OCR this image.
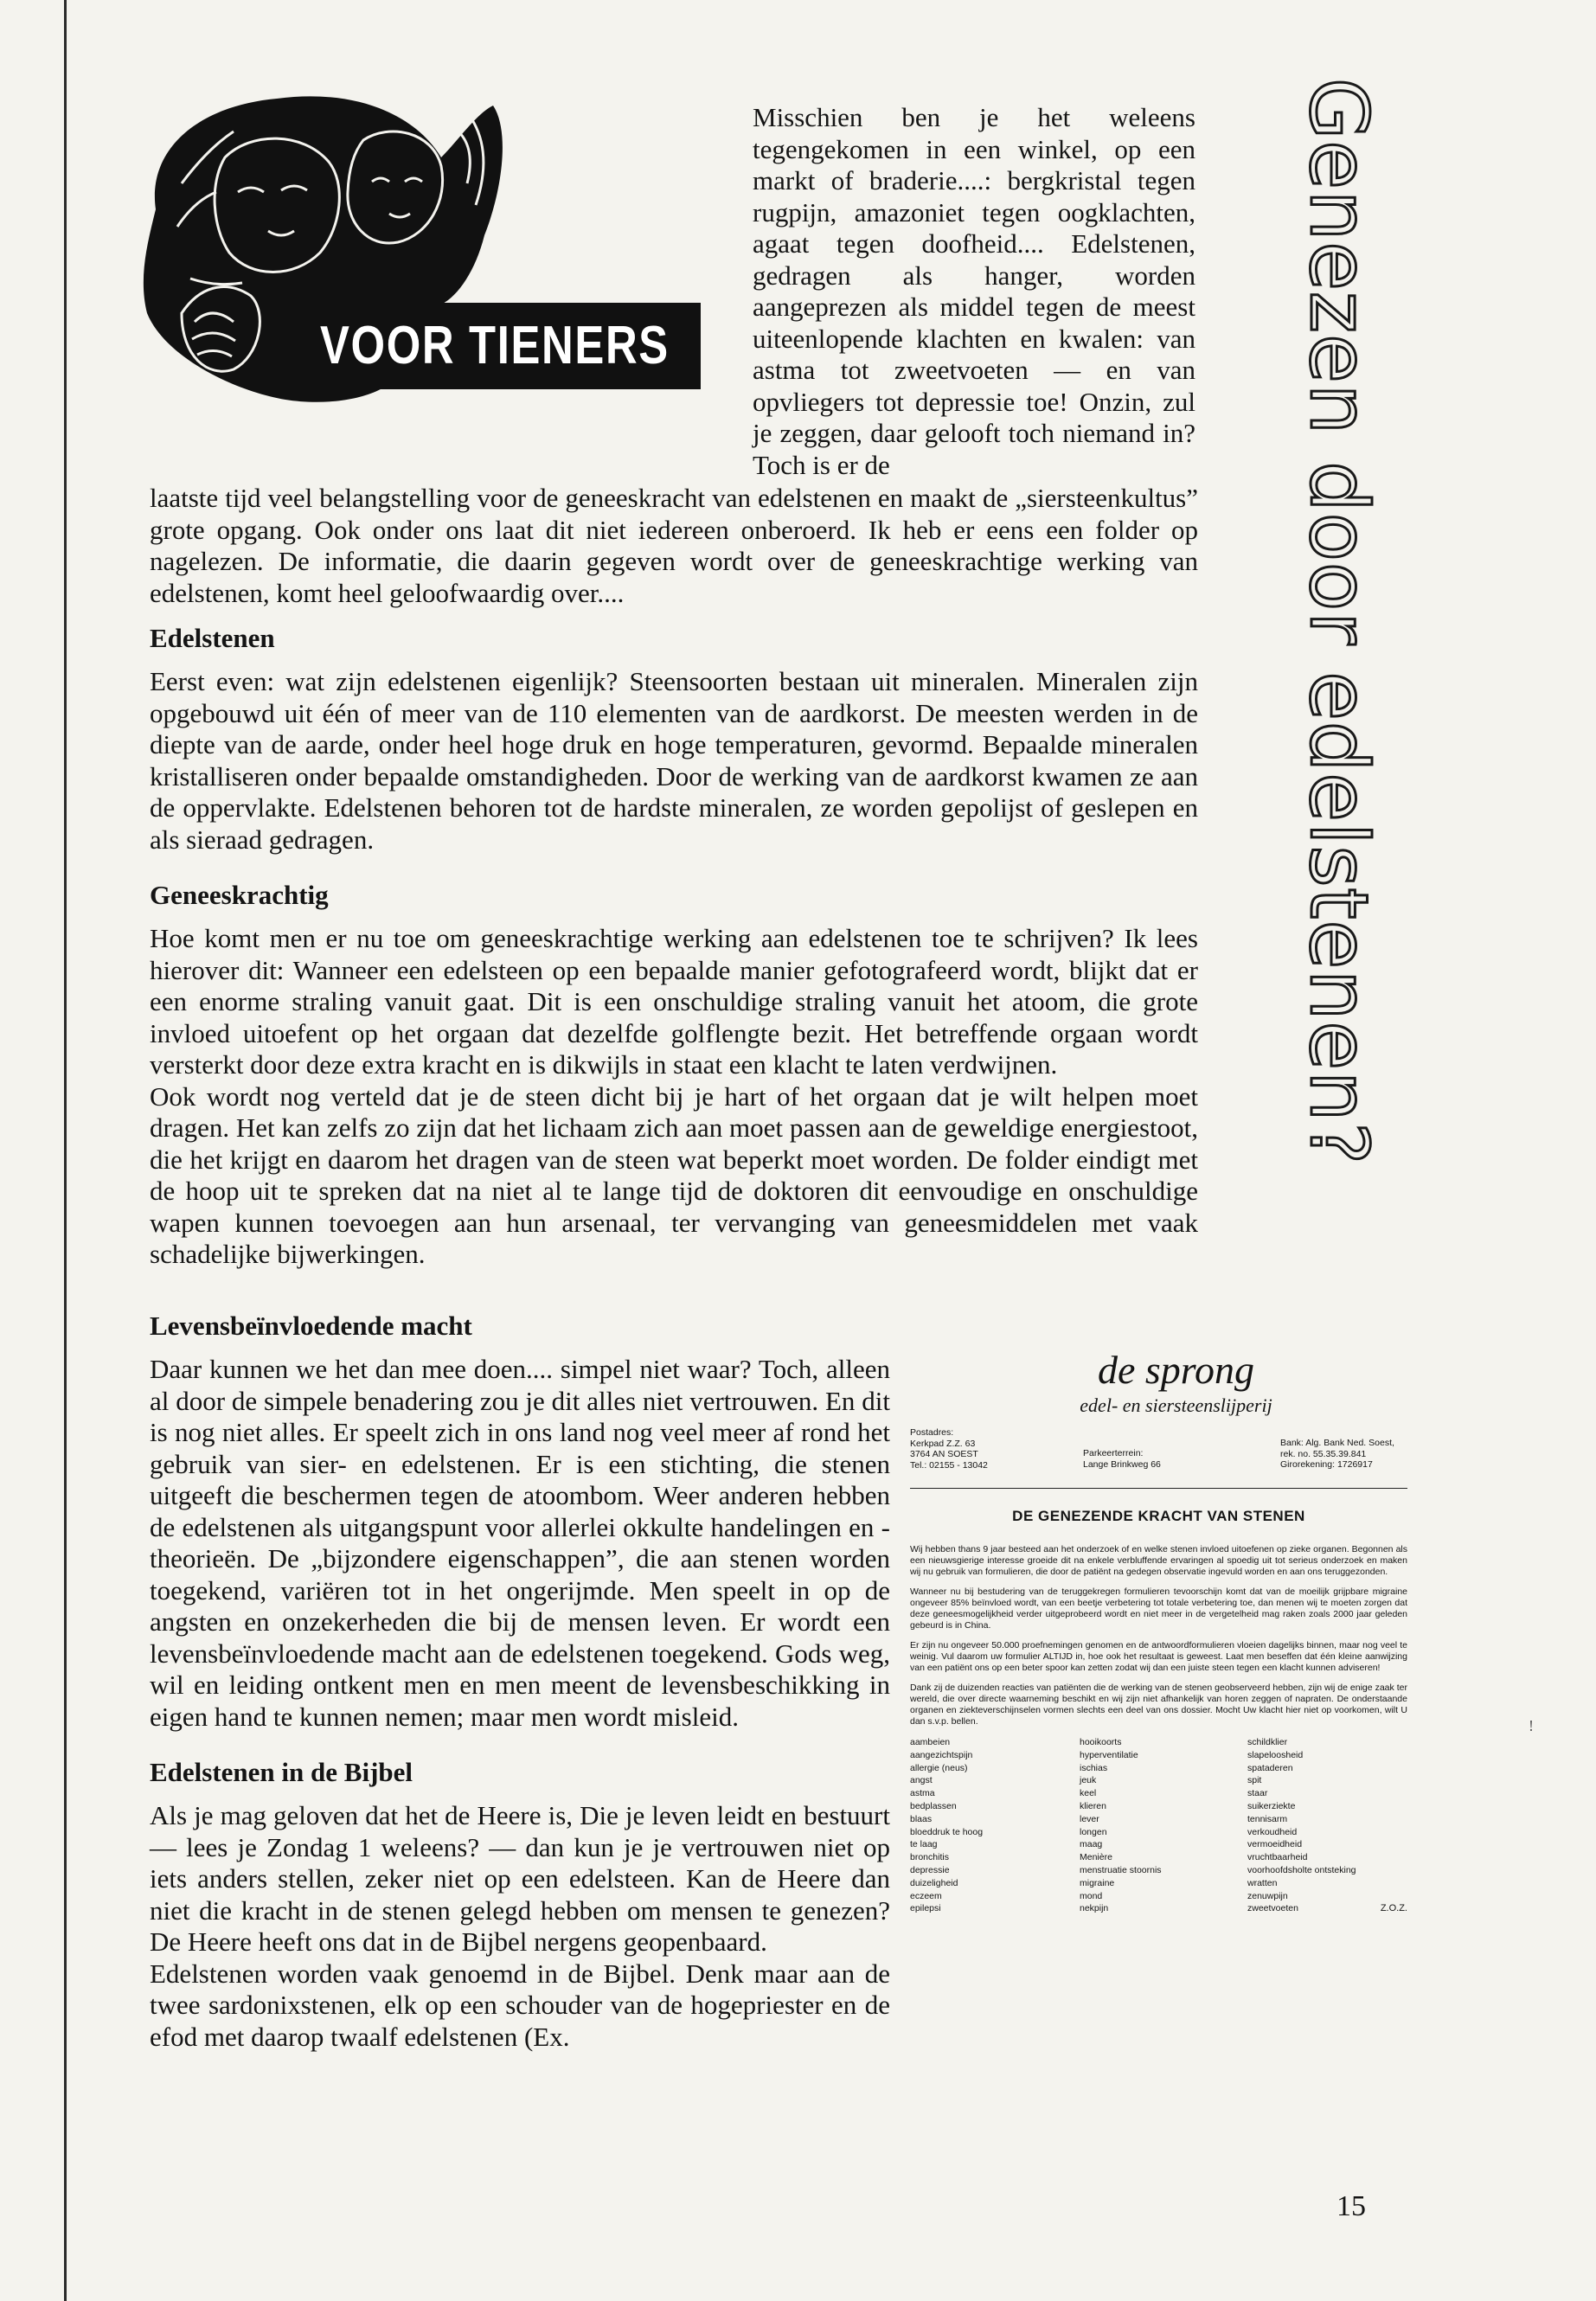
VOOR TIENERS

Misschien ben je het weleens tegengekomen in een winkel, op een markt of braderie....: bergkristal tegen rugpijn, amazoniet tegen oogklachten, agaat tegen doofheid.... Edelstenen, gedragen als hanger, worden aangeprezen als middel tegen de meest uiteenlopende klachten en kwalen: van astma tot zweetvoeten — en van opvliegers tot depressie toe! Onzin, zul je zeggen, daar gelooft toch niemand in? Toch is er de

laatste tijd veel belangstelling voor de geneeskracht van edelstenen en maakt de „siersteenkultus” grote opgang. Ook onder ons laat dit niet iedereen onberoerd. Ik heb er eens een folder op nagelezen. De informatie, die daarin gegeven wordt over de geneeskrachtige werking van edelstenen, komt heel geloofwaardig over....

Edelstenen

Eerst even: wat zijn edelstenen eigenlijk? Steensoorten bestaan uit mineralen. Mineralen zijn opgebouwd uit één of meer van de 110 elementen van de aardkorst. De meesten werden in de diepte van de aarde, onder heel hoge druk en hoge temperaturen, gevormd. Bepaalde mineralen kristalliseren onder bepaalde omstandigheden. Door de werking van de aardkorst kwamen ze aan de oppervlakte. Edelstenen behoren tot de hardste mineralen, ze worden gepolijst of geslepen en als sieraad gedragen.

Geneeskrachtig

Hoe komt men er nu toe om geneeskrachtige werking aan edelstenen toe te schrijven? Ik lees hierover dit: Wanneer een edelsteen op een bepaalde manier gefotografeerd wordt, blijkt dat er een enorme straling vanuit gaat. Dit is een onschuldige straling vanuit het atoom, die grote invloed uitoefent op het orgaan dat dezelfde golflengte bezit. Het betreffende orgaan wordt versterkt door deze extra kracht en is dikwijls in staat een klacht te laten verdwijnen.

Ook wordt nog verteld dat je de steen dicht bij je hart of het orgaan dat je wilt helpen moet dragen. Het kan zelfs zo zijn dat het lichaam zich aan moet passen aan de geweldige energiestoot, die het krijgt en daarom het dragen van de steen wat beperkt moet worden. De folder eindigt met de hoop uit te spreken dat na niet al te lange tijd de doktoren dit eenvoudige en onschuldige wapen kunnen toevoegen aan hun arsenaal, ter vervanging van geneesmiddelen met vaak schadelijke bijwerkingen.

Levensbeïnvloedende macht

Daar kunnen we het dan mee doen.... simpel niet waar? Toch, alleen al door de simpele benadering zou je dit alles niet vertrouwen. En dit is nog niet alles. Er speelt zich in ons land nog veel meer af rond het gebruik van sier- en edelstenen. Er is een stichting, die stenen uitgeeft die beschermen tegen de atoombom. Weer anderen hebben de edelstenen als uitgangspunt voor allerlei okkulte handelingen en -theorieën. De „bijzondere eigenschappen”, die aan stenen worden toegekend, variëren tot in het ongerijmde. Men speelt in op de angsten en onzekerheden die bij de mensen leven. Er wordt een levensbeïnvloedende macht aan de edelstenen toegekend. Gods weg, wil en leiding ontkent men en men meent de levensbeschikking in eigen hand te kunnen nemen; maar men wordt misleid.

Edelstenen in de Bijbel

Als je mag geloven dat het de Heere is, Die je leven leidt en bestuurt — lees je Zondag 1 weleens? — dan kun je je vertrouwen niet op iets anders stellen, zeker niet op een edelsteen. Kan de Heere dan niet die kracht in de stenen gelegd hebben om mensen te genezen? De Heere heeft ons dat in de Bijbel nergens geopenbaard.

Edelstenen worden vaak genoemd in de Bijbel. Denk maar aan de twee sardonixstenen, elk op een schouder van de hogepriester en de efod met daarop twaalf edelstenen (Ex.

Genezen door edelstenen?
de sprong
edel- en siersteenslijperij
Postadres:
Kerkpad Z.Z. 63
3764 AN SOEST
Tel.: 02155 - 13042
Parkeerterrein:
Lange Brinkweg 66
Bank: Alg. Bank Ned. Soest,
rek. no. 55.35.39.841
Girorekening: 1726917
DE GENEZENDE KRACHT VAN STENEN

Wij hebben thans 9 jaar besteed aan het onderzoek of en welke stenen invloed uitoefenen op zieke organen. Begonnen als een nieuwsgierige interesse groeide dit na enkele verbluffende ervaringen al spoedig uit tot serieus onderzoek en maken wij nu gebruik van formulieren, die door de patiënt na gedegen observatie ingevuld worden en aan ons teruggezonden.

Wanneer nu bij bestudering van de teruggekregen formulieren tevoorschijn komt dat van de moeilijk grijpbare migraine ongeveer 85% beïnvloed wordt, van een beetje verbetering tot totale verbetering toe, dan menen wij te moeten zorgen dat deze geneesmogelijkheid verder uitgeprobeerd wordt en niet meer in de vergetelheid mag raken zoals 2000 jaar geleden gebeurd is in China.

Er zijn nu ongeveer 50.000 proefnemingen genomen en de antwoordformulieren vloeien dagelijks binnen, maar nog veel te weinig. Vul daarom uw formulier ALTIJD in, hoe ook het resultaat is geweest. Laat men beseffen dat één kleine aanwijzing van een patiënt ons op een beter spoor kan zetten zodat wij dan een juiste steen tegen een klacht kunnen adviseren!

Dank zij de duizenden reacties van patiënten die de werking van de stenen geobserveerd hebben, zijn wij de enige zaak ter wereld, die over directe waarneming beschikt en wij zijn niet afhankelijk van horen zeggen of napraten. De onderstaande organen en ziekteverschijnselen vormen slechts een deel van ons dossier. Mocht Uw klacht hier niet op voorkomen, wilt U dan s.v.p. bellen.

aambeien	hooikoorts	schildklier
aangezichtspijn	hyperventilatie	slapeloosheid
allergie (neus)	ischias	spataderen
angst	jeuk	spit
astma	keel	staar
bedplassen	klieren	suikerziekte
blaas	lever	tennisarm
bloeddruk te hoog	longen	verkoudheid
te laag	maag	vermoeidheid
bronchitis	Menière	vruchtbaarheid
depressie	menstruatie stoornis	voorhoofdsholte ontsteking
duizeligheid	migraine	wratten
eczeem	mond	zenuwpijn
epilepsi	nekpijn	zweetvoeten	Z.O.Z.
15
!
